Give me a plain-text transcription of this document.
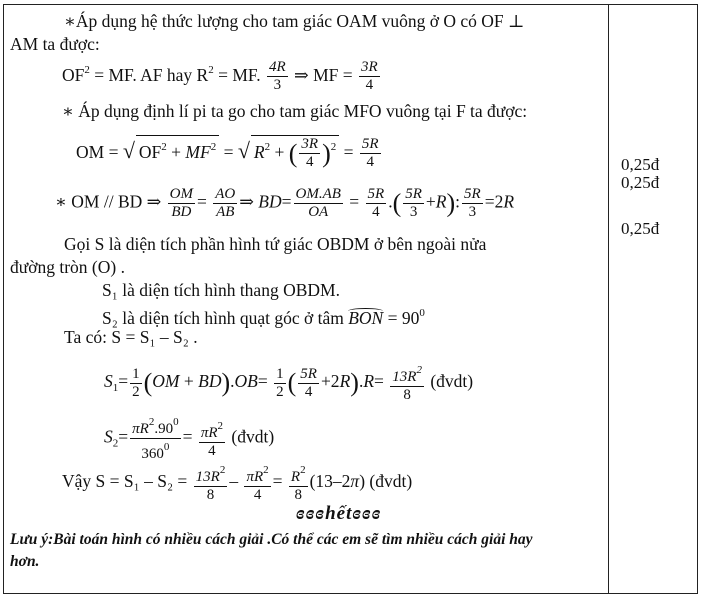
∗Áp dụng hệ thức lượng cho tam giác OAM vuông ở O có OF ⊥
AM ta được:
$OF^2$ = MF. AF hay $R^2$ = MF. $\frac{4R}{3}$ ⇒ MF = $\frac{3R}{4}$
∗ Áp dụng định lí pi ta go cho tam giác MFO vuông tại F ta được:
OM = √ $OF^2 + MF^2$ = √ $R^2$ + ( $\frac{3R}{4} )^2 = \frac{5R}{4}$
∗ OM // BD ⇒ $\frac{OM}{BD} = \frac{AO}{AB}$ ⇒ $BD= \frac{OM.AB}{OA} = \frac{5R}{4}$ .( $\frac{5R}{3} +R$): $\frac{5R}{3} =2R$
Gọi S là diện tích phần hình tứ giác OBDM ở bên ngoài nửa
đường tròn (O) .
S₁ là diện tích hình thang OBDM.
S₂ là diện tích hình quạt góc ở tâm BON = $90^0$
Ta có: S = S₁ – S₂ .
$S_1= \frac{1}{2} (OM + BD).OB= \frac{1}{2}$ ( $\frac{5R}{4} +2R).R= \frac{13R^2}{8}$ (đvdt)
$S_2= \frac{\pi R^2.90^0}{360^0} = \frac{\pi R^2}{4}$ (đvdt)
Vậy $S = S_1 - S_2 = \frac{13R^2}{8} - \frac{\pi R^2}{4} = \frac{R^2}{8} (13-2\pi)$ (đvdt)
ɞɞɞhếtɞɞɞ
Lưu ý:Bài toán hình có nhiều cách giải .Có thể các em sẽ tìm nhiều cách giải hay
hơn.
0,25đ
0,25đ
0,25đ
